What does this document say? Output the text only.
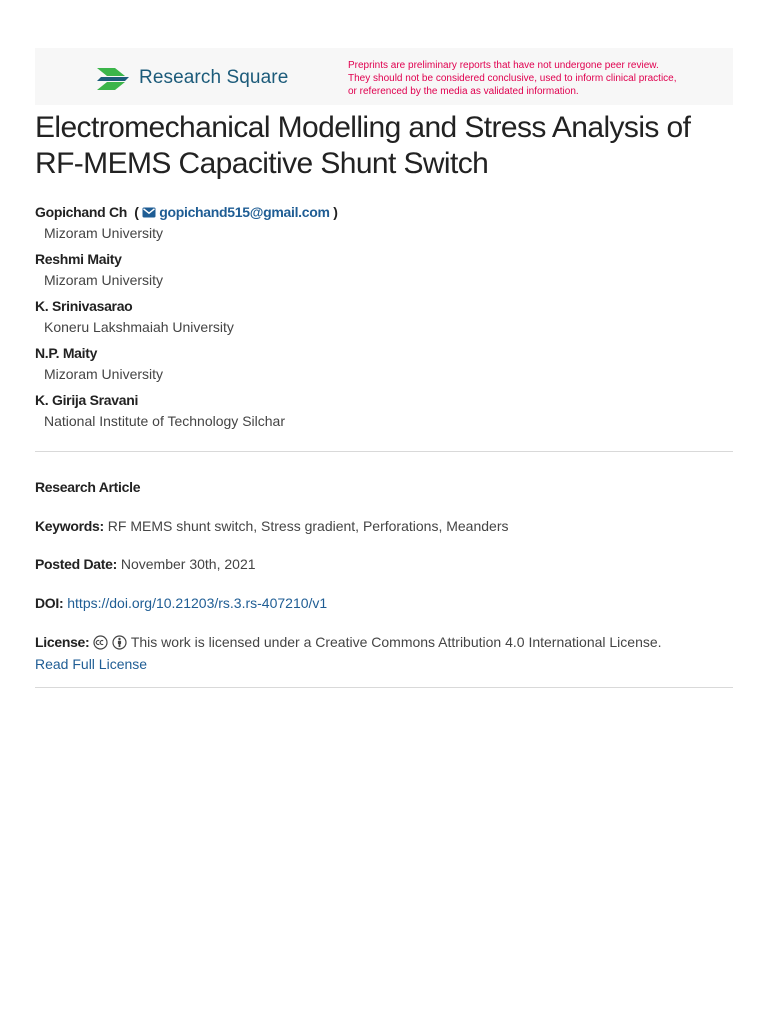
Research Square
Preprints are preliminary reports that have not undergone peer review.
They should not be considered conclusive, used to inform clinical practice,
or referenced by the media as validated information.
Electromechanical Modelling and Stress Analysis of RF-MEMS Capacitive Shunt Switch
Gopichand Ch ( gopichand515@gmail.com )
Mizoram University
Reshmi Maity
Mizoram University
K. Srinivasarao
Koneru Lakshmaiah University
N.P. Maity
Mizoram University
K. Girija Sravani
National Institute of Technology Silchar
Research Article
Keywords: RF MEMS shunt switch, Stress gradient, Perforations, Meanders
Posted Date: November 30th, 2021
DOI: https://doi.org/10.21203/rs.3.rs-407210/v1
License:	This work is licensed under a Creative Commons Attribution 4.0 International License.
Read Full License
